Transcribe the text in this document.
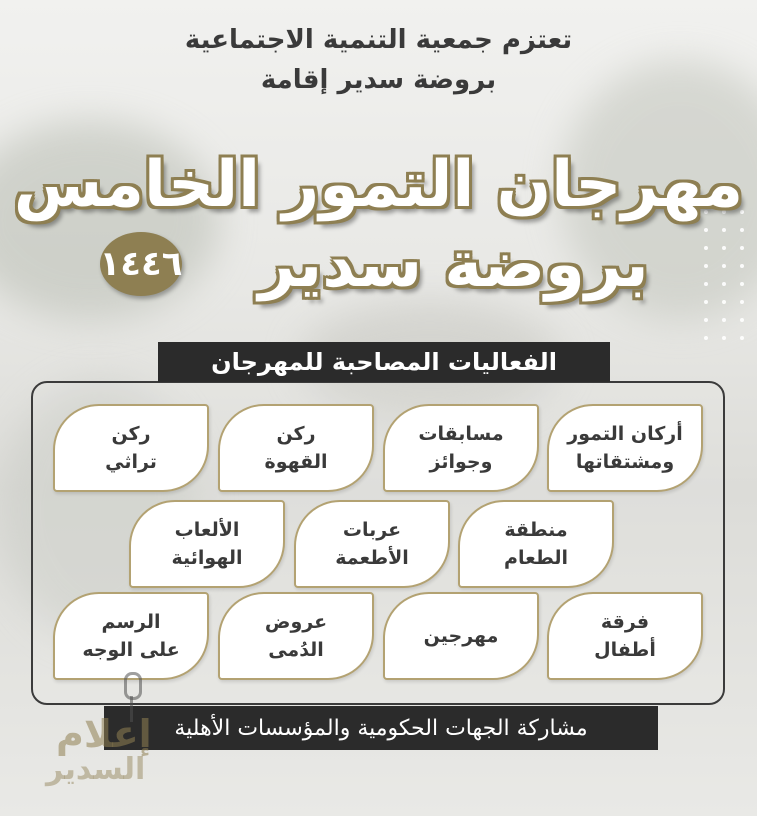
تعتزم جمعية التنمية الاجتماعية
بروضة سدير إقامة
مهرجان التمور الخامس
بروضة سدير
١٤٤٦
الفعاليات المصاحبة للمهرجان
أركان التمور
ومشتقاتها
مسابقات
وجوائز
ركن
القهوة
ركن
تراثي
منطقة
الطعام
عربات
الأطعمة
الألعاب
الهوائية
فرقة
أطفال
مهرجين
عروض
الدُمى
الرسم
على الوجه
مشاركة الجهات الحكومية والمؤسسات الأهلية
إعلام
السدير
